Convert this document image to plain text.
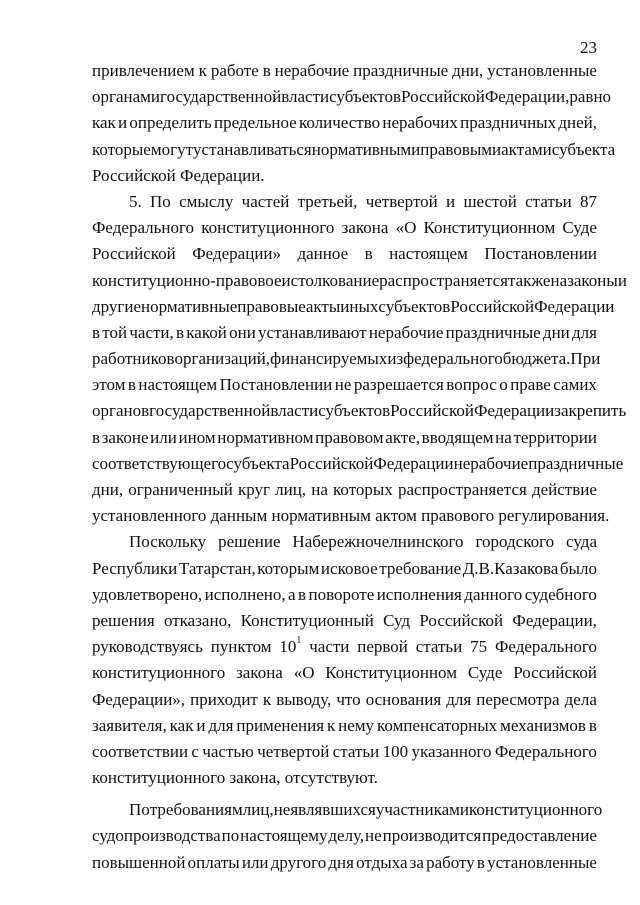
23
привлечением к работе в нерабочие праздничные дни, установленные
органами государственной власти субъектов Российской Федерации, равно
как и определить предельное количество нерабочих праздничных дней,
которые могут устанавливаться нормативными правовыми актами субъекта
Российской Федерации.
5. По смыслу частей третьей, четвертой и шестой статьи 87
Федерального конституционного закона «О Конституционном Суде
Российской Федерации» данное в настоящем Постановлении
конституционно-правовое истолкование распространяется также на законы и
другие нормативные правовые акты иных субъектов Российской Федерации
в той части, в какой они устанавливают нерабочие праздничные дни для
работников организаций, финансируемых из федерального бюджета. При
этом в настоящем Постановлении не разрешается вопрос о праве самих
органов государственной власти субъектов Российской Федерации закрепить
в законе или ином нормативном правовом акте, вводящем на территории
соответствующего субъекта Российской Федерации нерабочие праздничные
дни, ограниченный круг лиц, на которых распространяется действие
установленного данным нормативным актом правового регулирования.
Поскольку решение Набережночелнинского городского суда
Республики Татарстан, которым исковое требование Д.В.Казакова было
удовлетворено, исполнено, а в повороте исполнения данного судебного
решения отказано, Конституционный Суд Российской Федерации,
руководствуясь пунктом $10^1$ части первой статьи 75 Федерального
конституционного закона «О Конституционном Суде Российской
Федерации», приходит к выводу, что основания для пересмотра дела
заявителя, как и для применения к нему компенсаторных механизмов в
соответствии с частью четвертой статьи 100 указанного Федерального
конституционного закона, отсутствуют.
По требованиям лиц, не являвшихся участниками конституционного
судопроизводства по настоящему делу, не производится предоставление
повышенной оплаты или другого дня отдыха за работу в установленные
